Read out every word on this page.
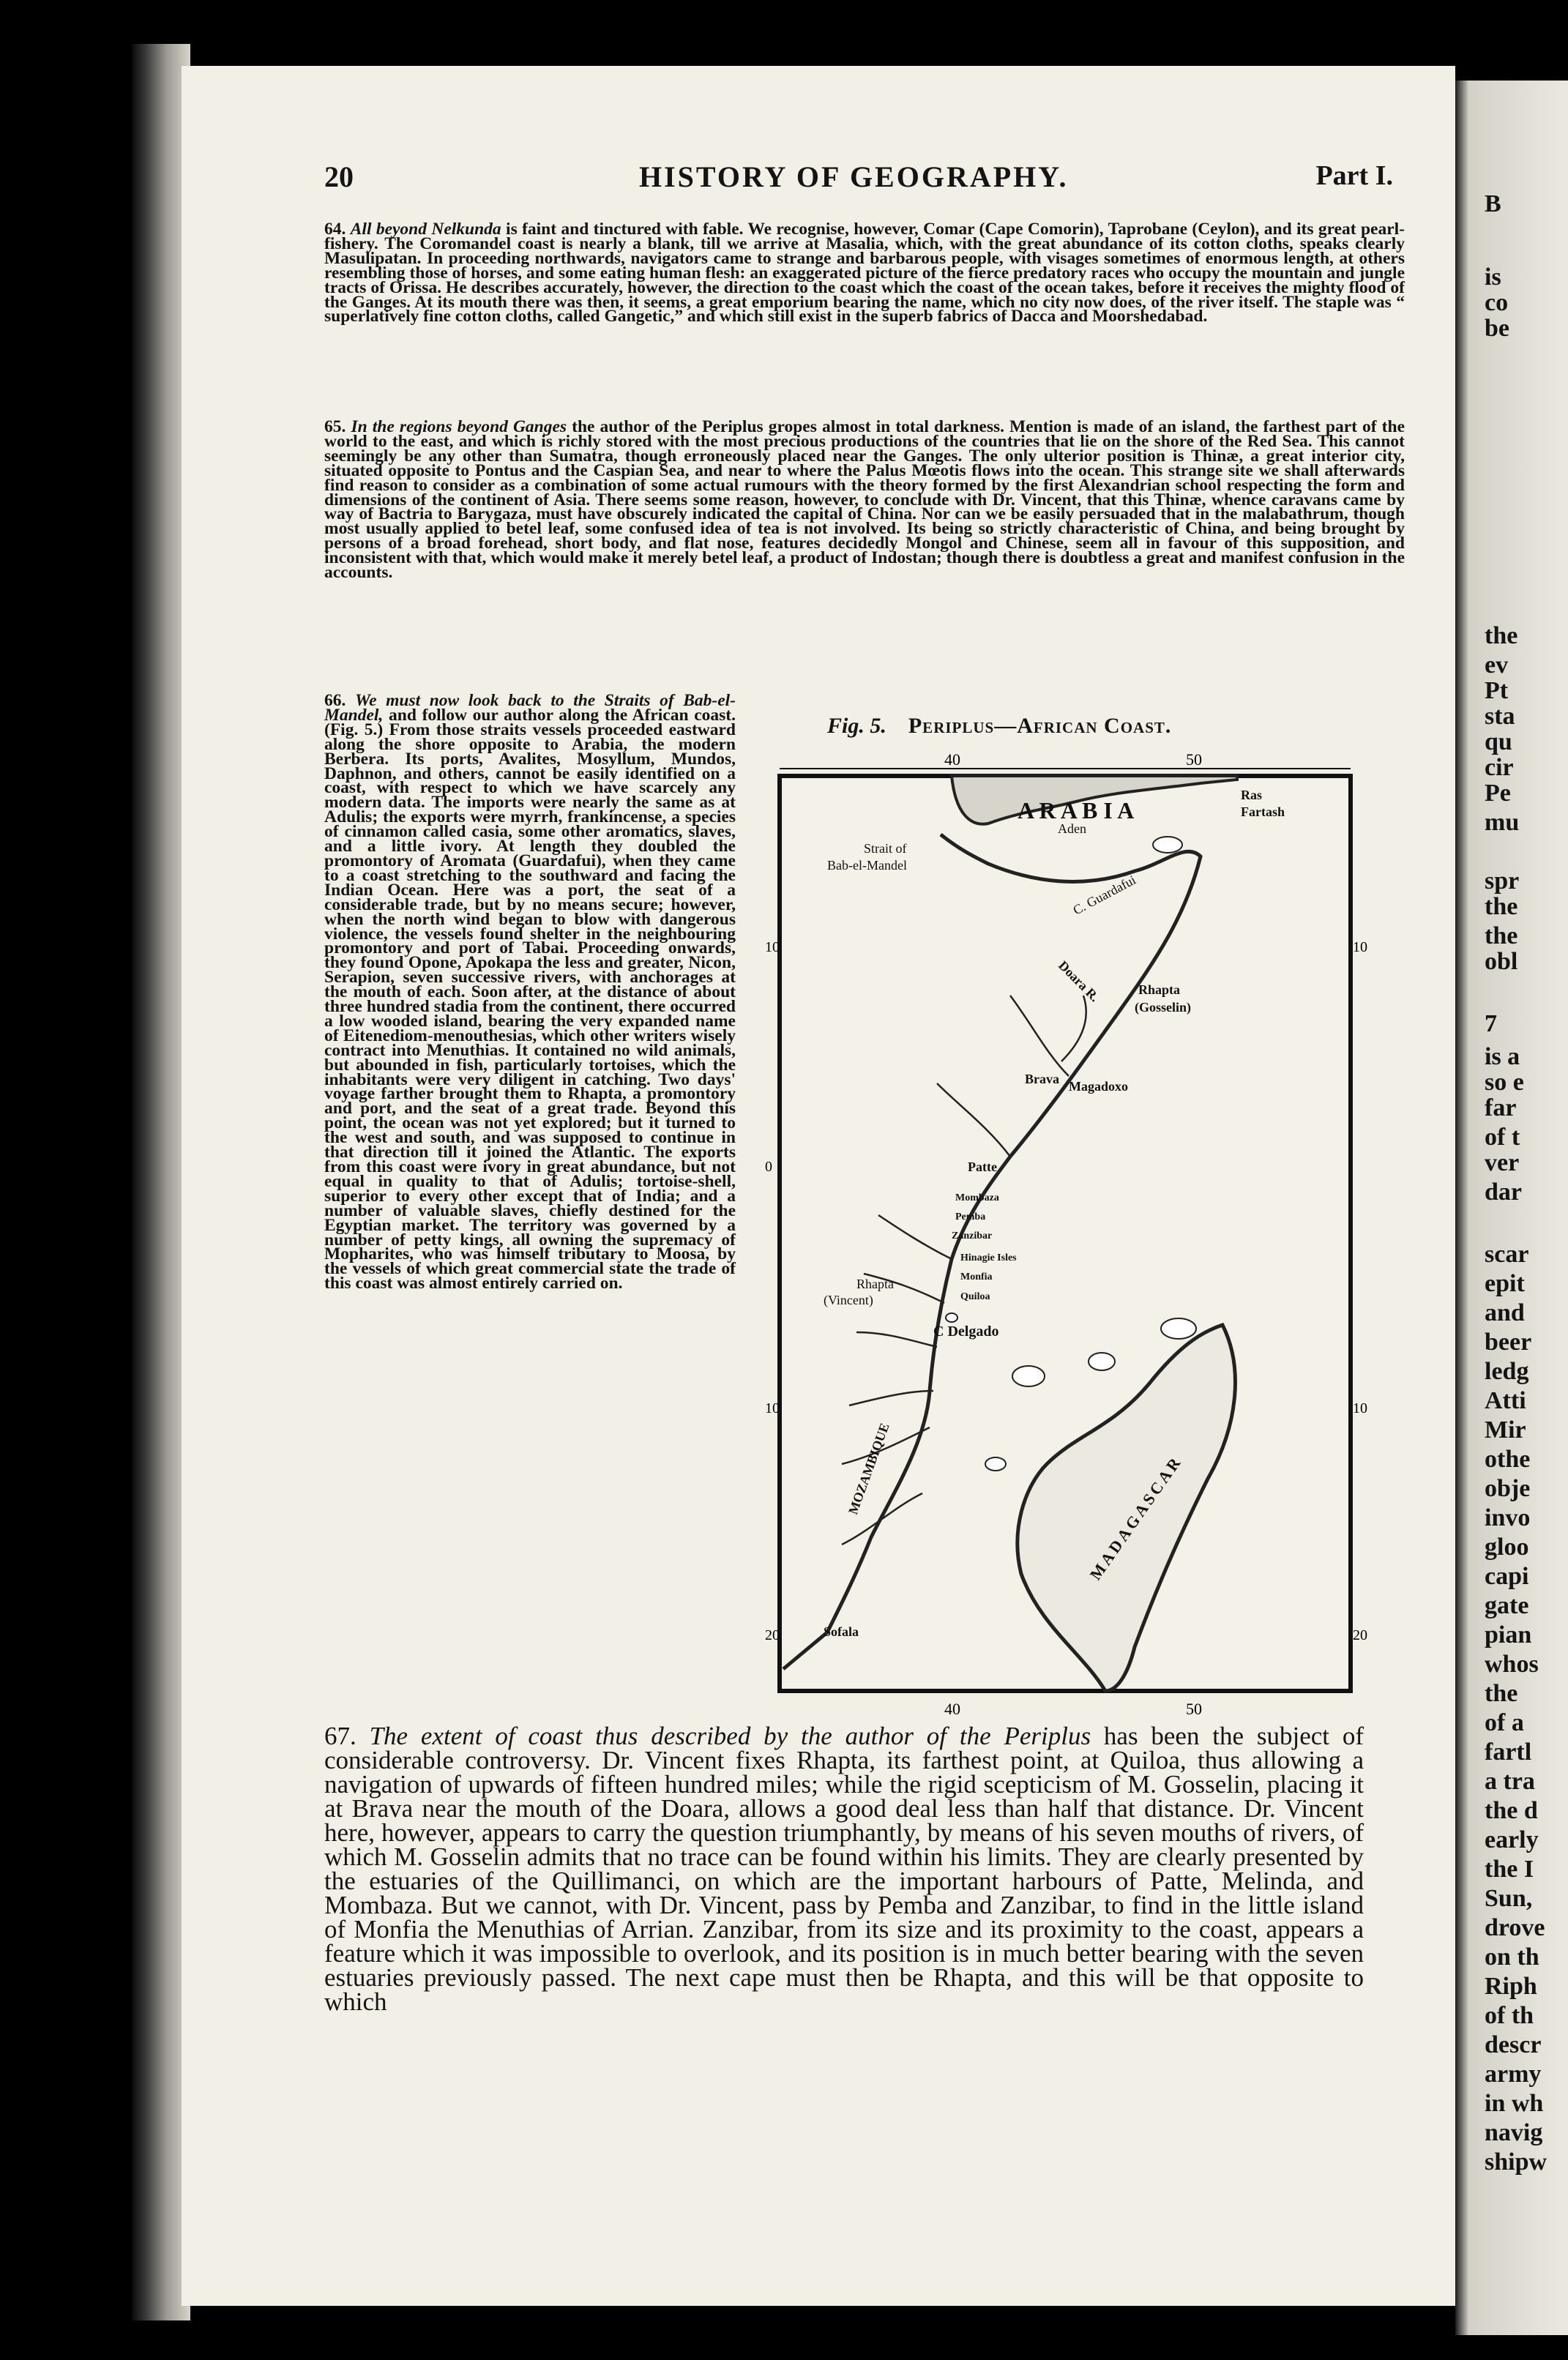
B
is
co
be
the
ev
Pt
sta
qu
cir
Pe
mu
spr
the
the
obl
7
is a
so e
far
of t
ver
dar
scar
epit
and
beer
ledg
Atti
Mir
othe
obje
invo
gloo
capi
gate
pian
whos
the
of a
fartl
a tra
the d
early
the I
Sun,
drove
on th
Riph
of th
descr
army
in wh
navig
shipw
20	HISTORY OF GEOGRAPHY.	Part I.
64. All beyond Nelkunda is faint and tinctured with fable. We recognise, however, Comar (Cape Comorin), Taprobane (Ceylon), and its great pearl-fishery. The Coromandel coast is nearly a blank, till we arrive at Masalia, which, with the great abundance of its cotton cloths, speaks clearly Masulipatan. In proceeding northwards, navigators came to strange and barbarous people, with visages sometimes of enormous length, at others resembling those of horses, and some eating human flesh: an exaggerated picture of the fierce predatory races who occupy the mountain and jungle tracts of Orissa. He describes accurately, however, the direction to the coast which the coast of the ocean takes, before it receives the mighty flood of the Ganges. At its mouth there was then, it seems, a great emporium bearing the name, which no city now does, of the river itself. The staple was “ superlatively fine cotton cloths, called Gangetic,” and which still exist in the superb fabrics of Dacca and Moorshedabad.
65. In the regions beyond Ganges the author of the Periplus gropes almost in total darkness. Mention is made of an island, the farthest part of the world to the east, and which is richly stored with the most precious productions of the countries that lie on the shore of the Red Sea. This cannot seemingly be any other than Sumatra, though erroneously placed near the Ganges. The only ulterior position is Thinæ, a great interior city, situated opposite to Pontus and the Caspian Sea, and near to where the Palus Mœotis flows into the ocean. This strange site we shall afterwards find reason to consider as a combination of some actual rumours with the theory formed by the first Alexandrian school respecting the form and dimensions of the continent of Asia. There seems some reason, however, to conclude with Dr. Vincent, that this Thinæ, whence caravans came by way of Bactria to Barygaza, must have obscurely indicated the capital of China. Nor can we be easily persuaded that in the malabathrum, though most usually applied to betel leaf, some confused idea of tea is not involved. Its being so strictly characteristic of China, and being brought by persons of a broad forehead, short body, and flat nose, features decidedly Mongol and Chinese, seem all in favour of this supposition, and inconsistent with that, which would make it merely betel leaf, a product of Indostan; though there is doubtless a great and manifest confusion in the accounts.
66. We must now look back to the Straits of Bab-el-Mandel, and follow our author along the African coast. (Fig. 5.) From those straits vessels proceeded eastward along the shore opposite to Arabia, the modern Berbera. Its ports, Avalites, Mosyllum, Mundos, Daphnon, and others, cannot be easily identified on a coast, with respect to which we have scarcely any modern data. The imports were nearly the same as at Adulis; the exports were myrrh, frankincense, a species of cinnamon called casia, some other aromatics, slaves, and a little ivory. At length they doubled the promontory of Aromata (Guardafui), when they came to a coast stretching to the southward and facing the Indian Ocean. Here was a port, the seat of a considerable trade, but by no means secure; however, when the north wind began to blow with dangerous violence, the vessels found shelter in the neighbouring promontory and port of Tabai. Proceeding onwards, they found Opone, Apokapa the less and greater, Nicon, Serapion, seven successive rivers, with anchorages at the mouth of each. Soon after, at the distance of about three hundred stadia from the continent, there occurred a low wooded island, bearing the very expanded name of Eitenediom-menouthesias, which other writers wisely contract into Menuthias. It contained no wild animals, but abounded in fish, particularly tortoises, which the inhabitants were very diligent in catching. Two days' voyage farther brought them to Rhapta, a promontory and port, and the seat of a great trade. Beyond this point, the ocean was not yet explored; but it turned to the west and south, and was supposed to continue in that direction till it joined the Atlantic. The exports from this coast were ivory in great abundance, but not equal in quality to that of Adulis; tortoise-shell, superior to every other except that of India; and a number of valuable slaves, chiefly destined for the Egyptian market. The territory was governed by a number of petty kings, all owning the supremacy of Mopharites, who was himself tributary to Moosa, by the vessels of which great commercial state the trade of this coast was almost entirely carried on.
Fig. 5. Periplus—African Coast.
40	50
40	50
10
0
10
20
10
10
20
A R A B I A
Aden
Ras
Fartash
Strait of
Bab-el-Mandel
C. Guardafui
Doara R.	Rhapta
(Gosselin)
Brava Magadoxo
Patte
Mombaza
Pemba
Zanzibar
Hinagie Isles
Monfia
Quiloa
Rhapta
(Vincent)
C Delgado
MOZAMBIQUE	MADAGASCAR
Sofala
67. The extent of coast thus described by the author of the Periplus has been the subject of considerable controversy. Dr. Vincent fixes Rhapta, its farthest point, at Quiloa, thus allowing a navigation of upwards of fifteen hundred miles; while the rigid scepticism of M. Gosselin, placing it at Brava near the mouth of the Doara, allows a good deal less than half that distance. Dr. Vincent here, however, appears to carry the question triumphantly, by means of his seven mouths of rivers, of which M. Gosselin admits that no trace can be found within his limits. They are clearly presented by the estuaries of the Quillimanci, on which are the important harbours of Patte, Melinda, and Mombaza. But we cannot, with Dr. Vincent, pass by Pemba and Zanzibar, to find in the little island of Monfia the Menuthias of Arrian. Zanzibar, from its size and its proximity to the coast, appears a feature which it was impossible to overlook, and its position is in much better bearing with the seven estuaries previously passed. The next cape must then be Rhapta, and this will be that opposite to which
